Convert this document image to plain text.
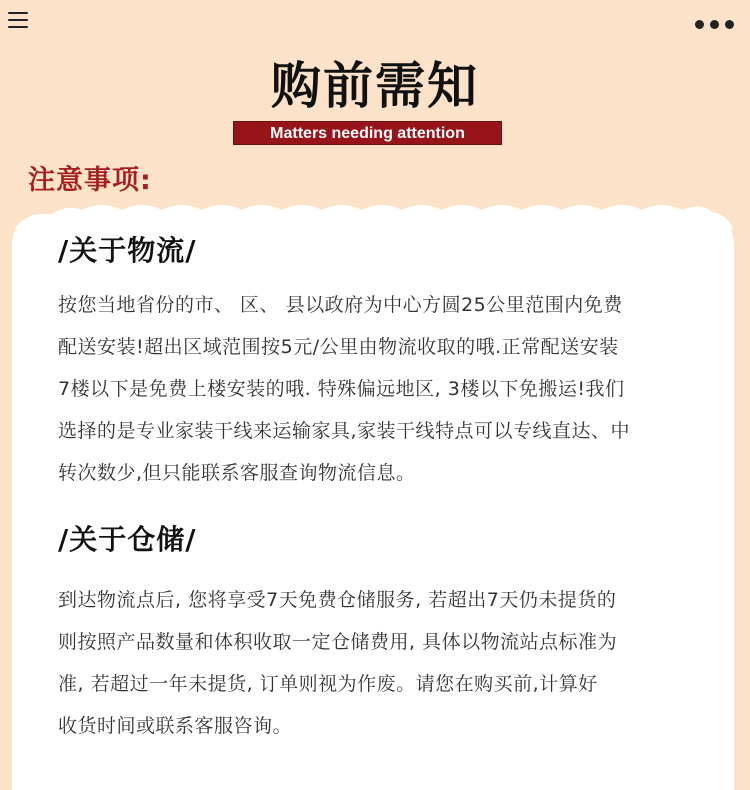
购前需知
Matters needing attention
注意事项:
/关于物流/
按您当地省份的市、 区、 县以政府为中心方圆25公里范围内免费
配送安装!超出区域范围按5元/公里由物流收取的哦.正常配送安装
7楼以下是免费上楼安装的哦. 特殊偏远地区, 3楼以下免搬运!我们
选择的是专业家装干线来运输家具,家装干线特点可以专线直达、中
转次数少,但只能联系客服查询物流信息。
/关于仓储/
到达物流点后, 您将享受7天免费仓储服务, 若超出7天仍未提货的
则按照产品数量和体积收取一定仓储费用, 具体以物流站点标准为
准, 若超过一年未提货, 订单则视为作废。请您在购买前,计算好
收货时间或联系客服咨询。
